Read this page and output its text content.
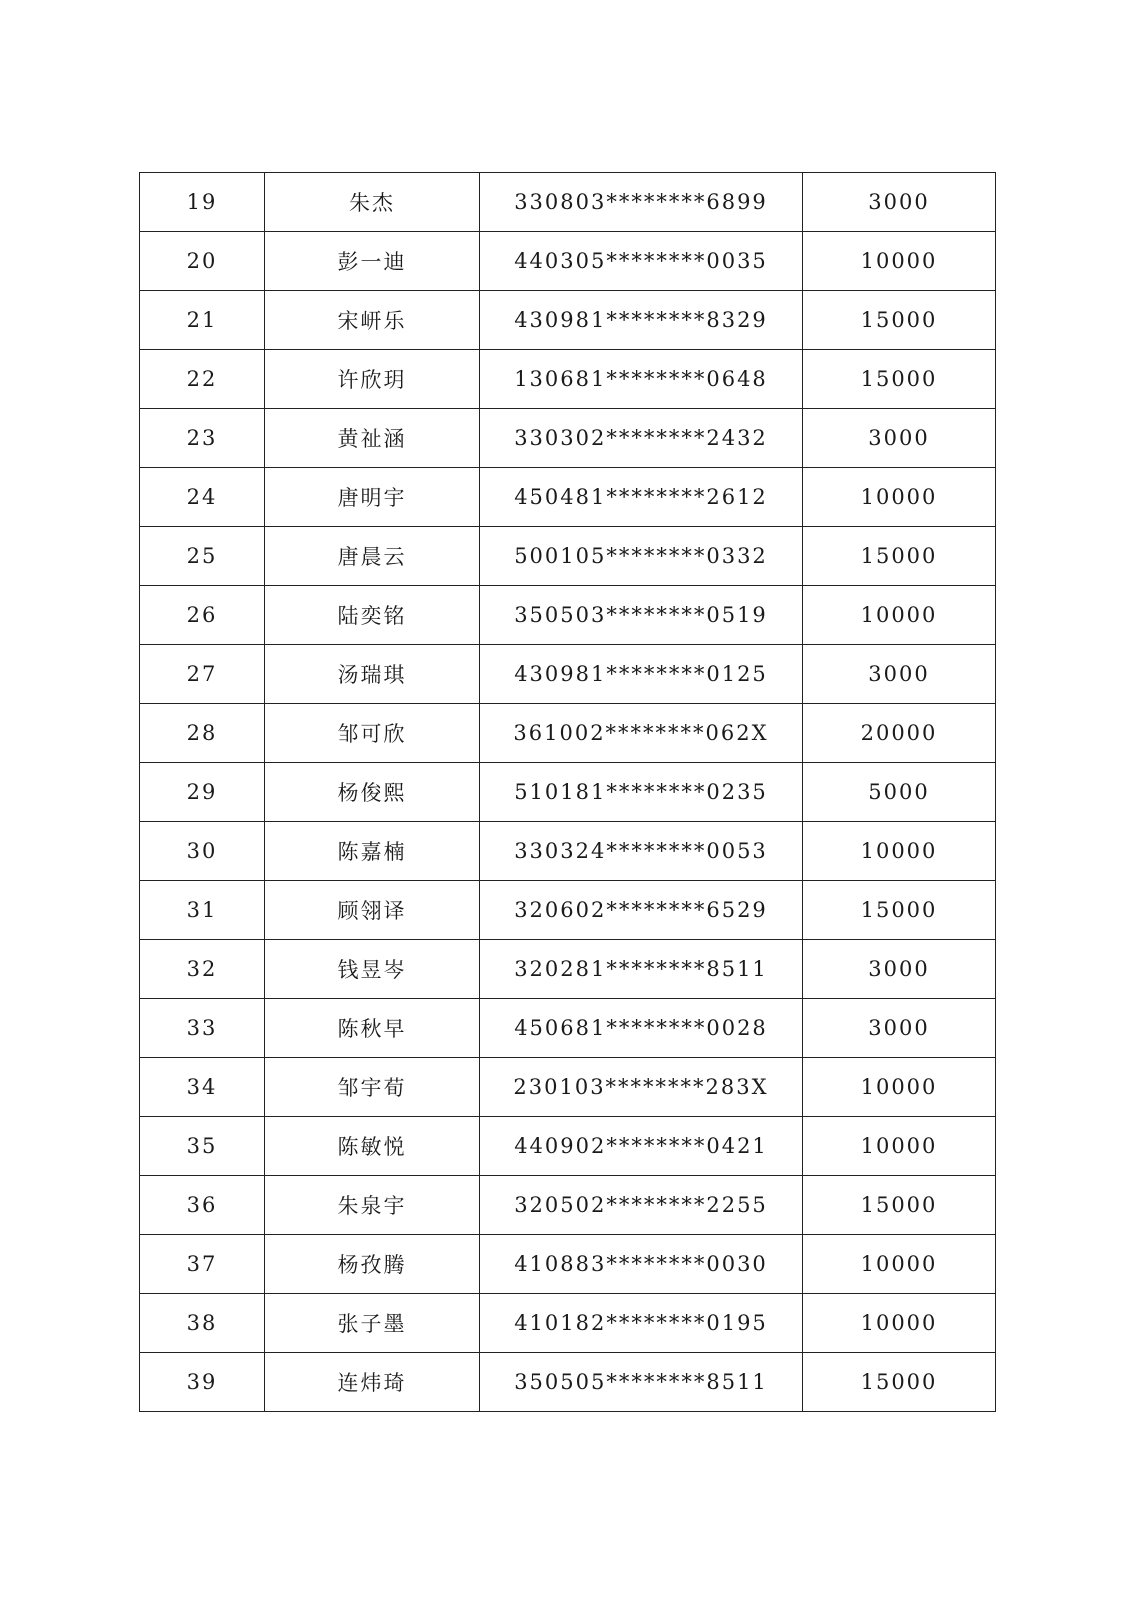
19	朱杰	330803********6899	3000
20	彭一迪	440305********0035	10000
21	宋岍乐	430981********8329	15000
22	许欣玥	130681********0648	15000
23	黄祉涵	330302********2432	3000
24	唐明宇	450481********2612	10000
25	唐晨云	500105********0332	15000
26	陆奕铭	350503********0519	10000
27	汤瑞琪	430981********0125	3000
28	邹可欣	361002********062X	20000
29	杨俊熙	510181********0235	5000
30	陈嘉楠	330324********0053	10000
31	顾翎译	320602********6529	15000
32	钱昱岑	320281********8511	3000
33	陈秋早	450681********0028	3000
34	邹宇荀	230103********283X	10000
35	陈敏悦	440902********0421	10000
36	朱泉宇	320502********2255	15000
37	杨孜腾	410883********0030	10000
38	张子墨	410182********0195	10000
39	连炜琦	350505********8511	15000
